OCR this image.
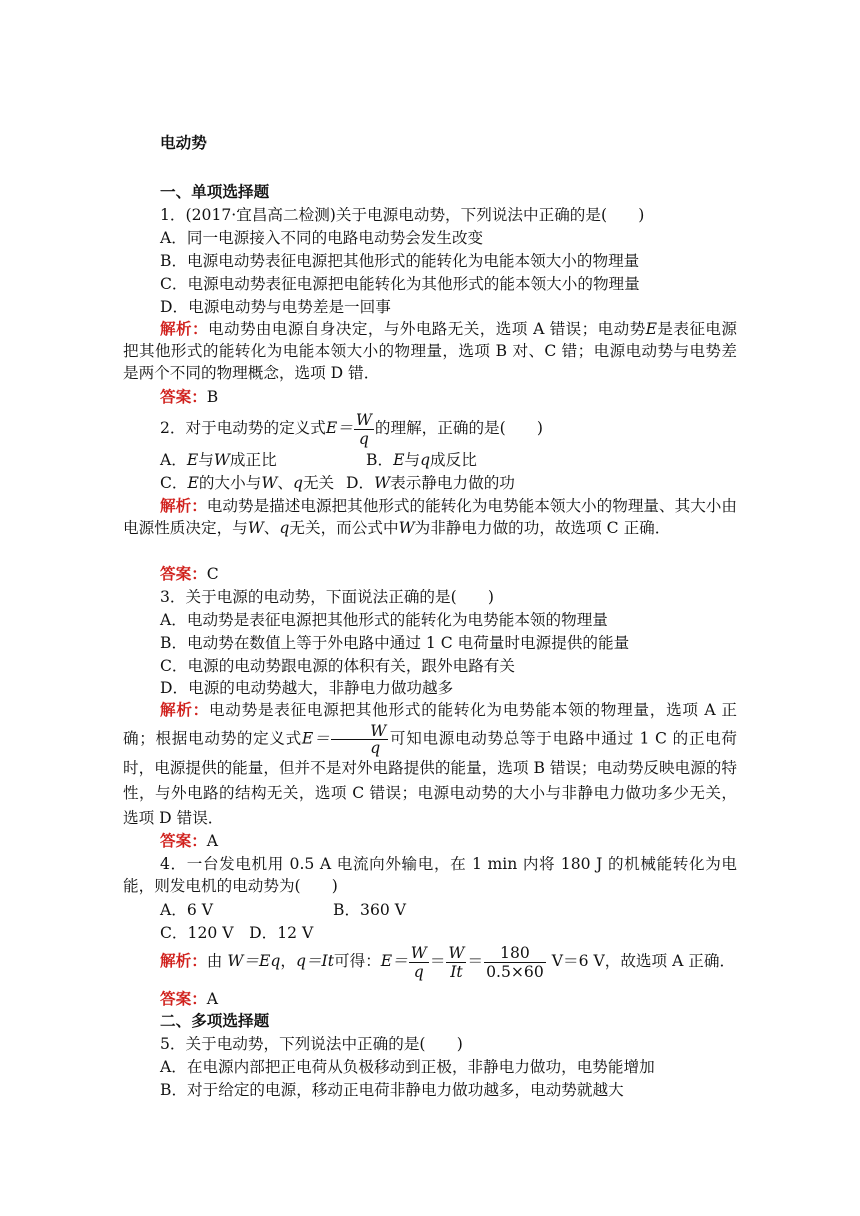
电动势
一、单项选择题
1．(2017·宜昌高二检测)关于电源电动势，下列说法中正确的是(　　)
A．同一电源接入不同的电路电动势会发生改变
B．电源电动势表征电源把其他形式的能转化为电能本领大小的物理量
C．电源电动势表征电源把电能转化为其他形式的能本领大小的物理量
D．电源电动势与电势差是一回事
解析：电动势由电源自身决定，与外电路无关，选项 A 错误；电动势E是表征电源把其他形式的能转化为电能本领大小的物理量，选项 B 对、C 错；电源电动势与电势差是两个不同的物理概念，选项 D 错．
答案：B
2．对于电动势的定义式$E= \frac{W}{q}$ 的理解，正确的是(　　)
A．E与W成正比	B．E与q成反比
C．E的大小与W、q无关 D．W表示静电力做的功
解析：电动势是描述电源把其他形式的能转化为电势能本领大小的物理量、其大小由电源性质决定，与W、q无关，而公式中W为非静电力做的功，故选项 C 正确．
答案：C
3．关于电源的电动势，下面说法正确的是(　　)
A．电动势是表征电源把其他形式的能转化为电势能本领的物理量
B．电动势在数值上等于外电路中通过 1 C 电荷量时电源提供的能量
C．电源的电动势跟电源的体积有关，跟外电路有关
D．电源的电动势越大，非静电力做功越多
解析：电动势是表征电源把其他形式的能转化为电势能本领的物理量，选项 A 正确；根据电动势的定义式$E= \frac{W}{q}$ 可知电源电动势总等于电路中通过 1 C 的正电荷时，电源提供的能量，但并不是对外电路提供的能量，选项 B 错误；电动势反映电源的特性，与外电路的结构无关，选项 C 错误；电源电动势的大小与非静电力做功多少无关，选项 D 错误．
答案：A
4．一台发电机用 0.5 A 电流向外输电，在 1 min 内将 180 J 的机械能转化为电能，则发电机的电动势为(　　)
A．6 V	B．360 V
C．120 V　D．12 V
解析：由 W＝Eq，q＝It可得：$E= \frac{W}{q} = \frac{W}{It} = \frac{180}{0.5\times 60} V=6$ V，故选项 A 正确．
答案：A
二、多项选择题
5．关于电动势，下列说法中正确的是(　　)
A．在电源内部把正电荷从负极移动到正极，非静电力做功，电势能增加
B．对于给定的电源，移动正电荷非静电力做功越多，电动势就越大
